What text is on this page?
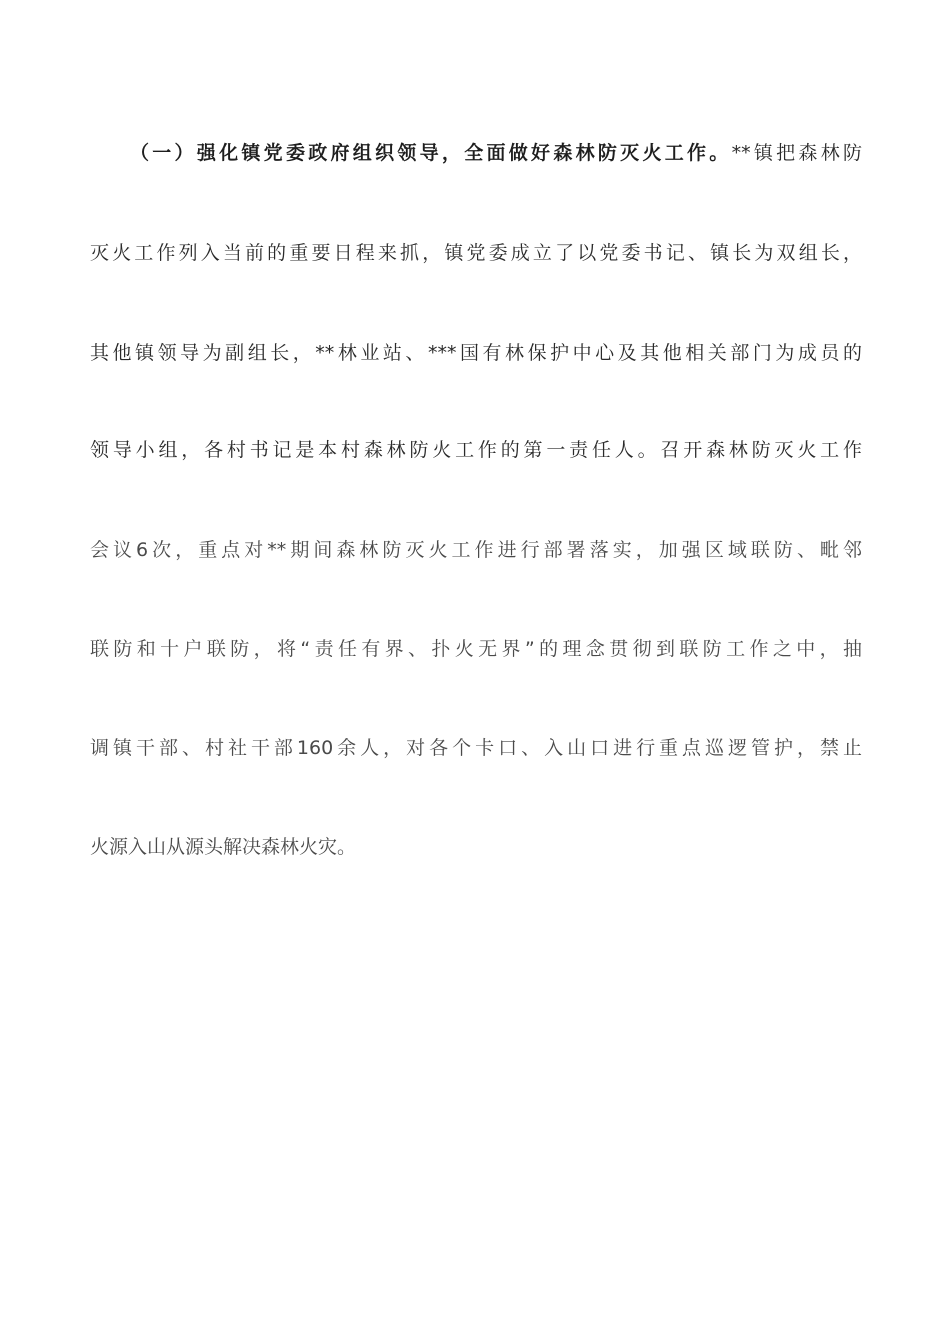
（一）强化镇党委政府组织领导，全面做好森林防灭火工作。**镇把森林防
灭火工作列入当前的重要日程来抓，镇党委成立了以党委书记、镇长为双组长，
其他镇领导为副组长，**林业站、***国有林保护中心及其他相关部门为成员的
领导小组，各村书记是本村森林防火工作的第一责任人。召开森林防灭火工作
会议6次，重点对**期间森林防灭火工作进行部署落实，加强区域联防、毗邻
联防和十户联防，将“责任有界、扑火无界”的理念贯彻到联防工作之中，抽
调镇干部、村社干部160余人，对各个卡口、入山口进行重点巡逻管护，禁止
火源入山从源头解决森林火灾。
